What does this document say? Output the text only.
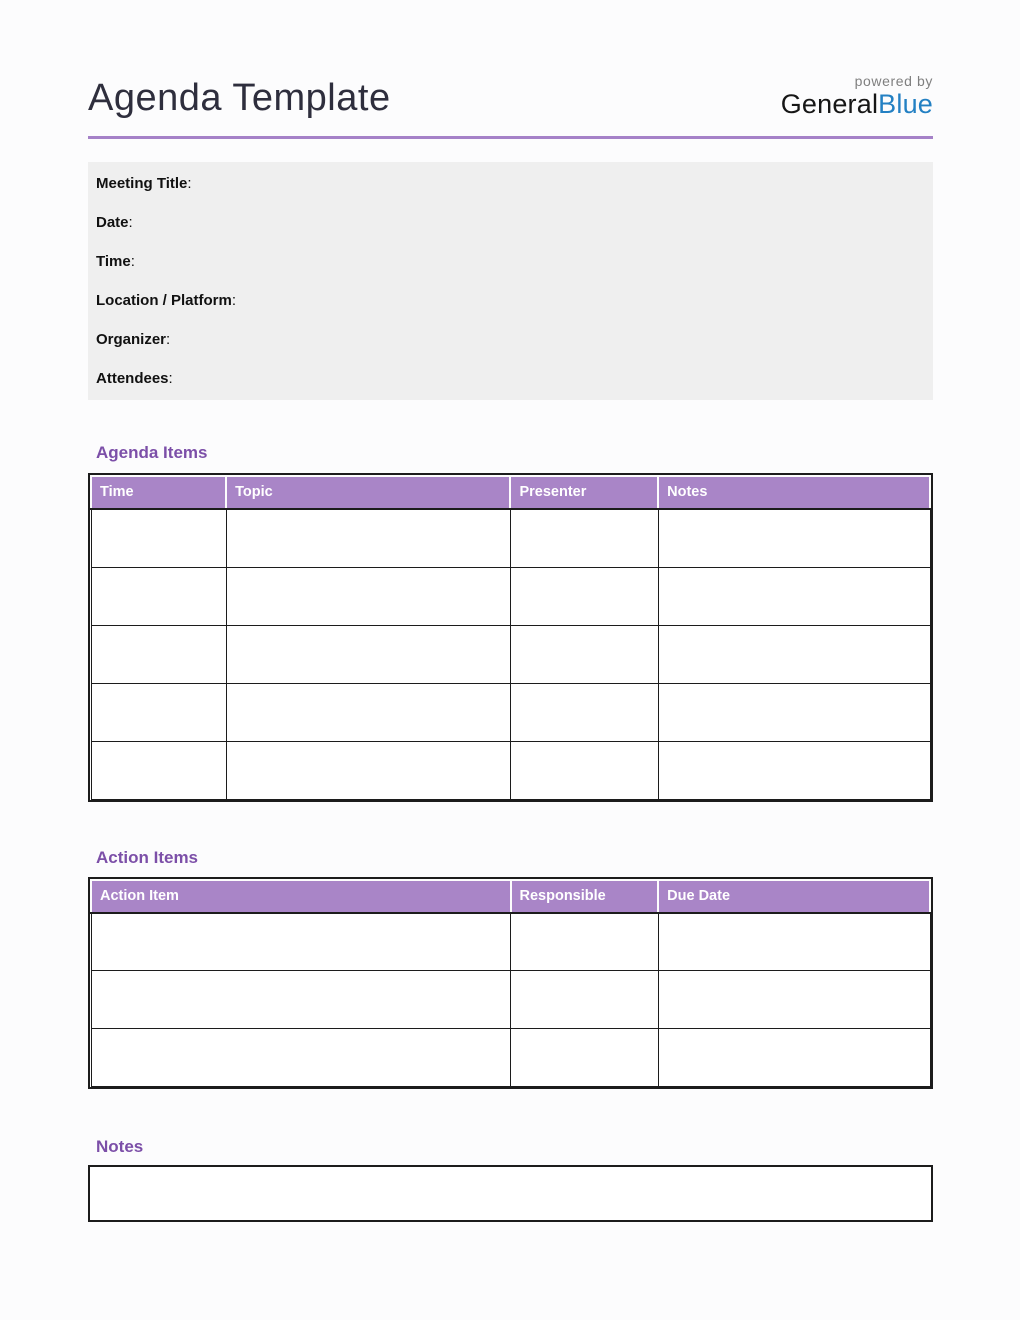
Agenda Template	powered by
GeneralBlue
Meeting Title :
Date :
Time :
Location / Platform :
Organizer :
Attendees :
Agenda Items
Time	Topic	Presenter	Notes

Action Items
Action Item	Responsible	Due Date

Notes
